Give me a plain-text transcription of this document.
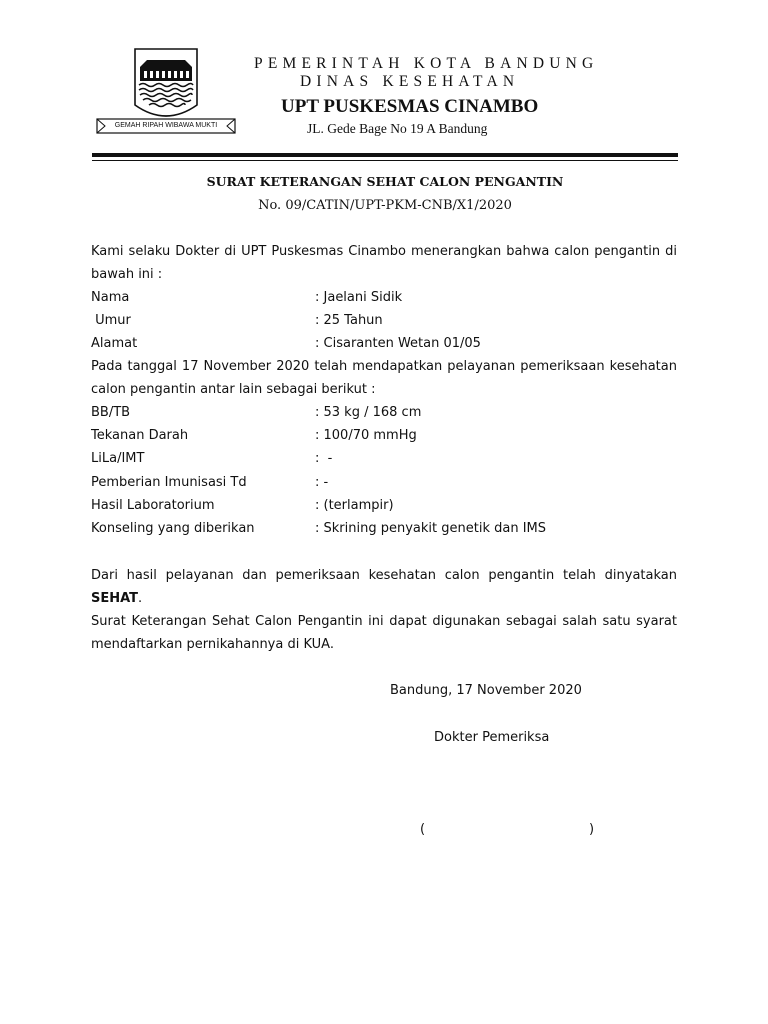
GEMAH RIPAH WIBAWA MUKTI
PEMERINTAH KOTA BANDUNG
DINAS KESEHATAN
UPT PUSKESMAS CINAMBO
JL. Gede Bage No 19 A Bandung
SURAT KETERANGAN SEHAT CALON PENGANTIN
No. 09/CATIN/UPT-PKM-CNB/X1/2020
Kami selaku Dokter di UPT Puskesmas Cinambo menerangkan bahwa calon pengantin di bawah ini :
Nama	: Jaelani Sidik
Umur	: 25 Tahun
Alamat	: Cisaranten Wetan 01/05
Pada tanggal 17 November 2020 telah mendapatkan pelayanan pemeriksaan kesehatan calon pengantin antar lain sebagai berikut :
BB/TB	: 53 kg / 168 cm
Tekanan Darah	: 100/70 mmHg
LiLa/IMT	:  -
Pemberian Imunisasi Td	: -
Hasil Laboratorium	: (terlampir)
Konseling yang diberikan	: Skrining penyakit genetik dan IMS
Dari hasil pelayanan dan pemeriksaan kesehatan calon pengantin telah dinyatakan SEHAT.
Surat Keterangan Sehat Calon Pengantin ini dapat digunakan sebagai salah satu syarat mendaftarkan pernikahannya di KUA.
Bandung, 17 November 2020
Dokter Pemeriksa
(	)
